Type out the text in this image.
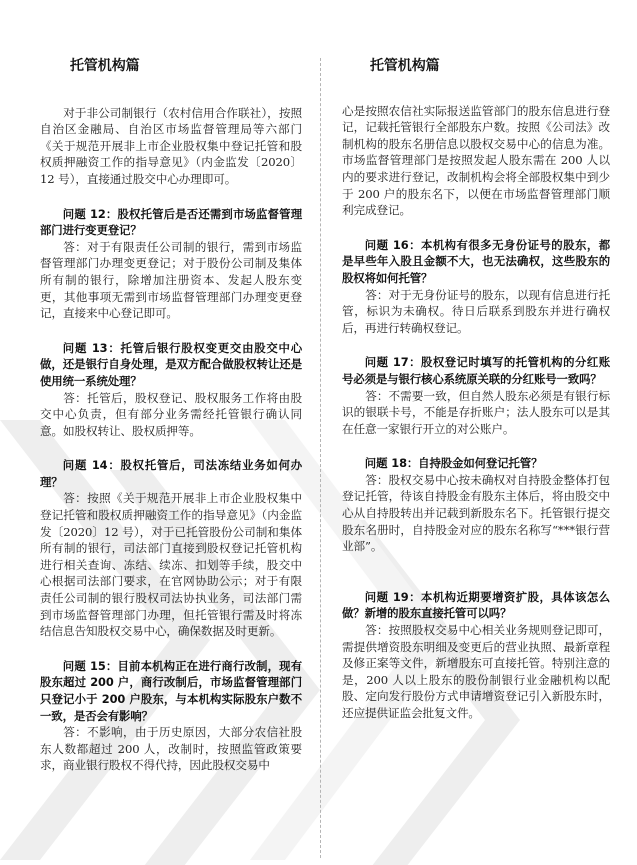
托管机构篇

对于非公司制银行（农村信用合作联社），按照自治区金融局、自治区市场监督管理局等六部门《关于规范开展非上市企业股权集中登记托管和股权质押融资工作的指导意见》（内金监发〔2020〕12 号），直接通过股交中心办理即可。

问题 12：股权托管后是否还需到市场监督管理部门进行变更登记？

答：对于有限责任公司制的银行，需到市场监督管理部门办理变更登记；对于股份公司制及集体所有制的银行，除增加注册资本、发起人股东变更，其他事项无需到市场监督管理部门办理变更登记，直接来中心登记即可。

问题 13：托管后银行股权变更交由股交中心做，还是银行自身处理，是双方配合做股权转让还是使用统一系统处理？

答：托管后，股权登记、股权服务工作将由股交中心负责，但有部分业务需经托管银行确认同意。如股权转让、股权质押等。

问题 14：股权托管后，司法冻结业务如何办理？

答：按照《关于规范开展非上市企业股权集中登记托管和股权质押融资工作的指导意见》（内金监发〔2020〕12 号），对于已托管股份公司制和集体所有制的银行，司法部门直接到股权登记托管机构进行相关查询、冻结、续冻、扣划等手续，股交中心根据司法部门要求，在官网协助公示；对于有限责任公司制的银行股权司法协执业务，司法部门需到市场监督管理部门办理，但托管银行需及时将冻结信息告知股权交易中心，确保数据及时更新。

问题 15：目前本机构正在进行商行改制，现有股东超过 200 户，商行改制后，市场监督管理部门只登记小于 200 户股东，与本机构实际股东户数不一致，是否会有影响？

答：不影响，由于历史原因，大部分农信社股东人数都超过 200 人，改制时，按照监管政策要求，商业银行股权不得代持，因此股权交易中

托管机构篇

心是按照农信社实际报送监管部门的股东信息进行登记，记载托管银行全部股东户数。按照《公司法》改制机构的股东名册信息以股权交易中心的信息为准。市场监督管理部门是按照发起人股东需在 200 人以内的要求进行登记，改制机构会将全部股权集中到少于 200 户的股东名下，以便在市场监督管理部门顺利完成登记。

问题 16：本机构有很多无身份证号的股东，都是早些年入股且金额不大，也无法确权，这些股东的股权将如何托管？

答：对于无身份证号的股东，以现有信息进行托管，标识为未确权。待日后联系到股东并进行确权后，再进行转确权登记。

问题 17：股权登记时填写的托管机构的分红账号必须是与银行核心系统原关联的分红账号一致吗？

答：不需要一致，但自然人股东必须是有银行标识的银联卡号，不能是存折账户；法人股东可以是其在任意一家银行开立的对公账户。

问题 18：自持股金如何登记托管？

答：股权交易中心按未确权对自持股金整体打包登记托管，待该自持股金有股东主体后，将由股交中心从自持股转出并记载到新股东名下。托管银行提交股东名册时，自持股金对应的股东名称写“***银行营业部”。

问题 19：本机构近期要增资扩股，具体该怎么做？新增的股东直接托管可以吗？

答：按照股权交易中心相关业务规则登记即可，需提供增资股东明细及变更后的营业执照、最新章程及修正案等文件，新增股东可直接托管。特别注意的是，200 人以上股东的股份制银行业金融机构以配股、定向发行股份方式申请增资登记引入新股东时，还应提供证监会批复文件。
